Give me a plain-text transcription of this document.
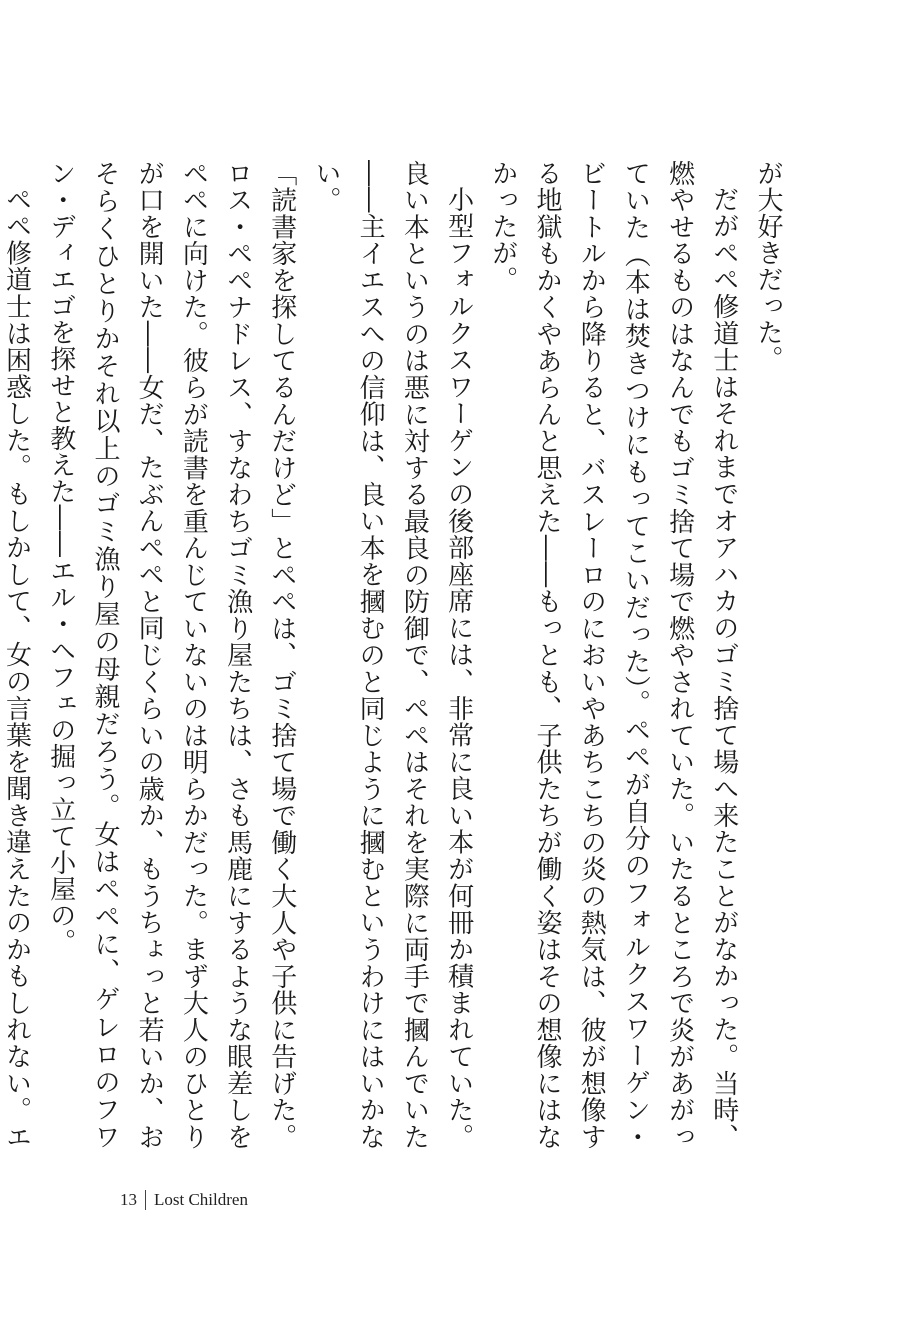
が大好きだった。
だがペペ修道士はそれまでオアハカのゴミ捨て場へ来たことがなかった。当時、燃やせるものはなんでもゴミ捨て場で燃やされていた。いたるところで炎があがっていた（本は焚きつけにもってこいだった）。ペペが自分のフォルクスワーゲン・ビートルから降りると、バスレーロのにおいやあちこちの炎の熱気は、彼が想像する地獄もかくやあらんと思えた――もっとも、子供たちが働く姿はその想像にはなかったが。
小型フォルクスワーゲンの後部座席には、非常に良い本が何冊か積まれていた。良い本というのは悪に対する最良の防御で、ペペはそれを実際に両手で摑んでいた――主イエスへの信仰は、良い本を摑むのと同じように摑むというわけにはいかない。
「読書家を探してるんだけど」とペペは、ゴミ捨て場で働く大人や子供に告げた。ロス・ペペナドレス、すなわちゴミ漁り屋たちは、さも馬鹿にするような眼差しをペペに向けた。彼らが読書を重んじていないのは明らかだった。まず大人のひとりが口を開いた――女だ、たぶんペペと同じくらいの歳か、もうちょっと若いか、おそらくひとりかそれ以上のゴミ漁り屋の母親だろう。女はペペに、ゲレロのフワン・ディエゴを探せと教えた――エル・ヘフェの掘っ立て小屋の。
ペペ修道士は困惑した。もしかして、女の言葉を聞き違えたのかもしれない。エ　
13 Lost Children
